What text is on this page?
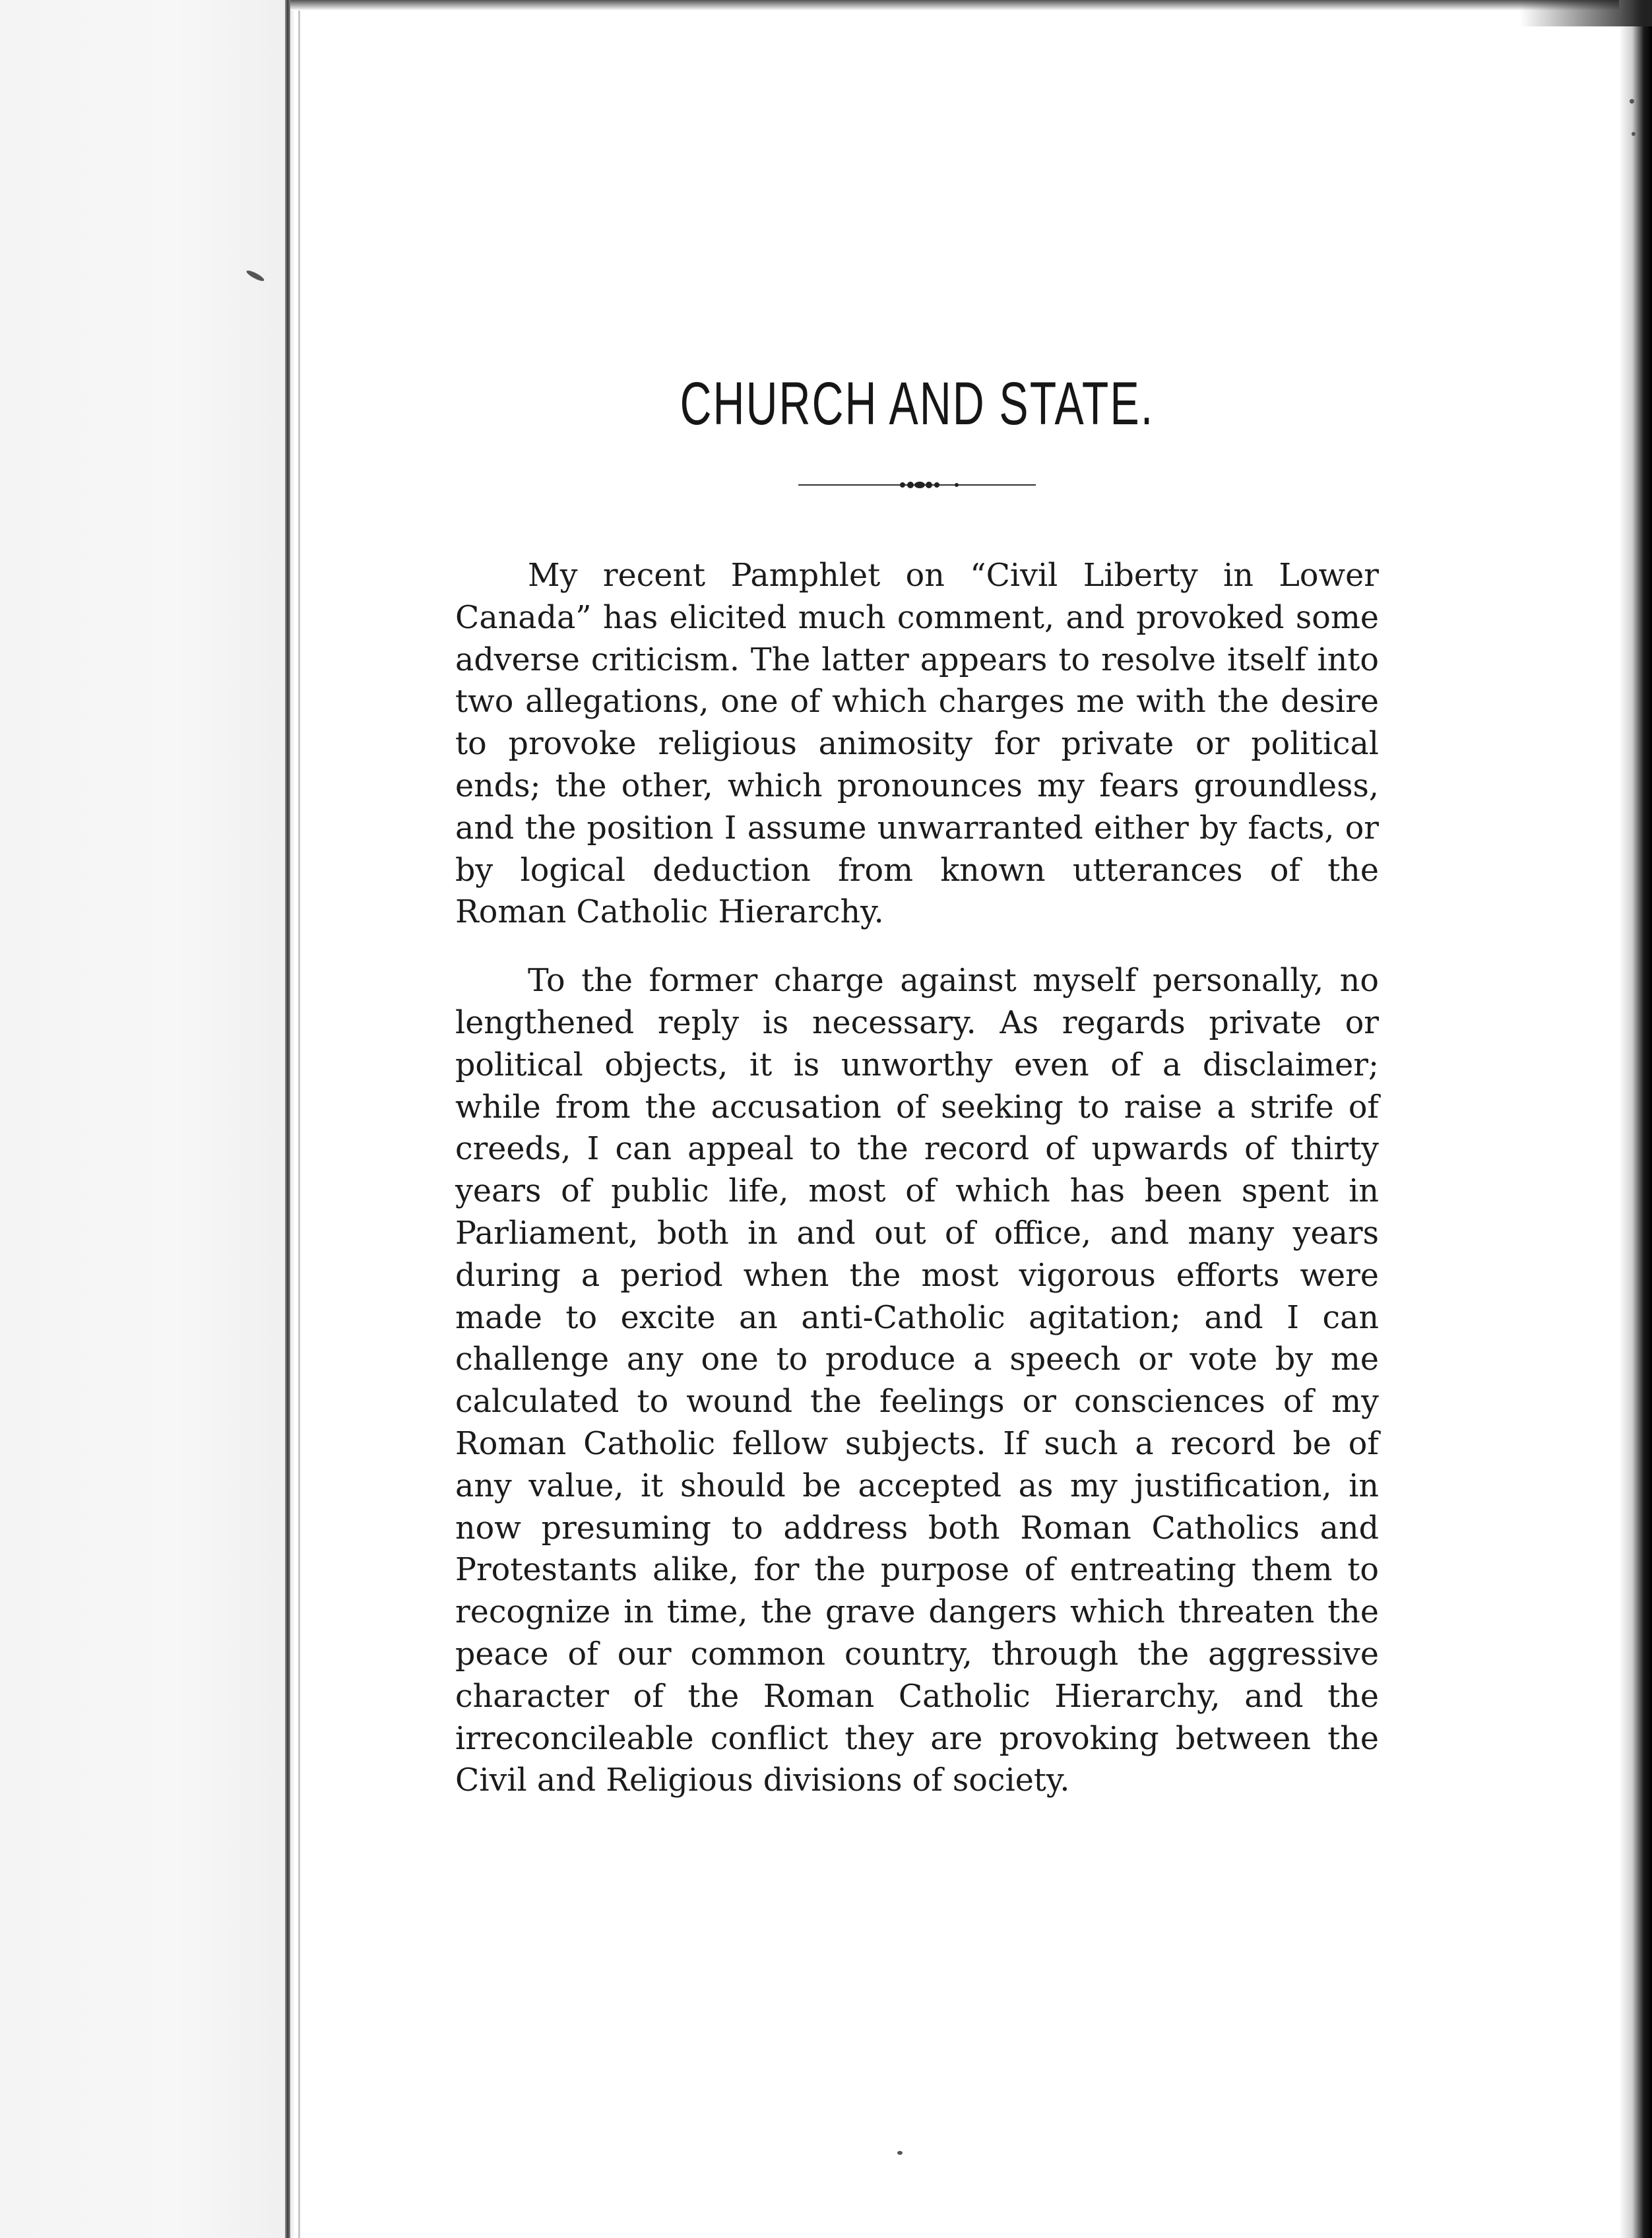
CHURCH AND STATE.

My recent Pamphlet on “Civil Liberty in Lower Canada” has elicited much comment, and provoked some adverse criticism. The latter appears to resolve itself into two allegations, one of which charges me with the desire to provoke religious animosity for private or political ends; the other, which pronounces my fears groundless, and the position I assume unwarranted either by facts, or by logical deduction from known utterances of the Roman Catholic Hierarchy.

To the former charge against myself personally, no lengthened reply is necessary. As regards private or political objects, it is unworthy even of a disclaimer; while from the accusation of seeking to raise a strife of creeds, I can appeal to the record of upwards of thirty years of public life, most of which has been spent in Parliament, both in and out of office, and many years during a period when the most vigorous efforts were made to excite an anti-Catholic agitation; and I can challenge any one to produce a speech or vote by me calculated to wound the feelings or consciences of my Roman Catholic fellow subjects. If such a record be of any value, it should be accepted as my justification, in now presuming to address both Roman Catholics and Protestants alike, for the purpose of entreating them to recognize in time, the grave dangers which threaten the peace of our common country, through the aggressive character of the Roman Catholic Hierarchy, and the irreconcileable conflict they are provoking between the Civil and Religious divisions of society.
